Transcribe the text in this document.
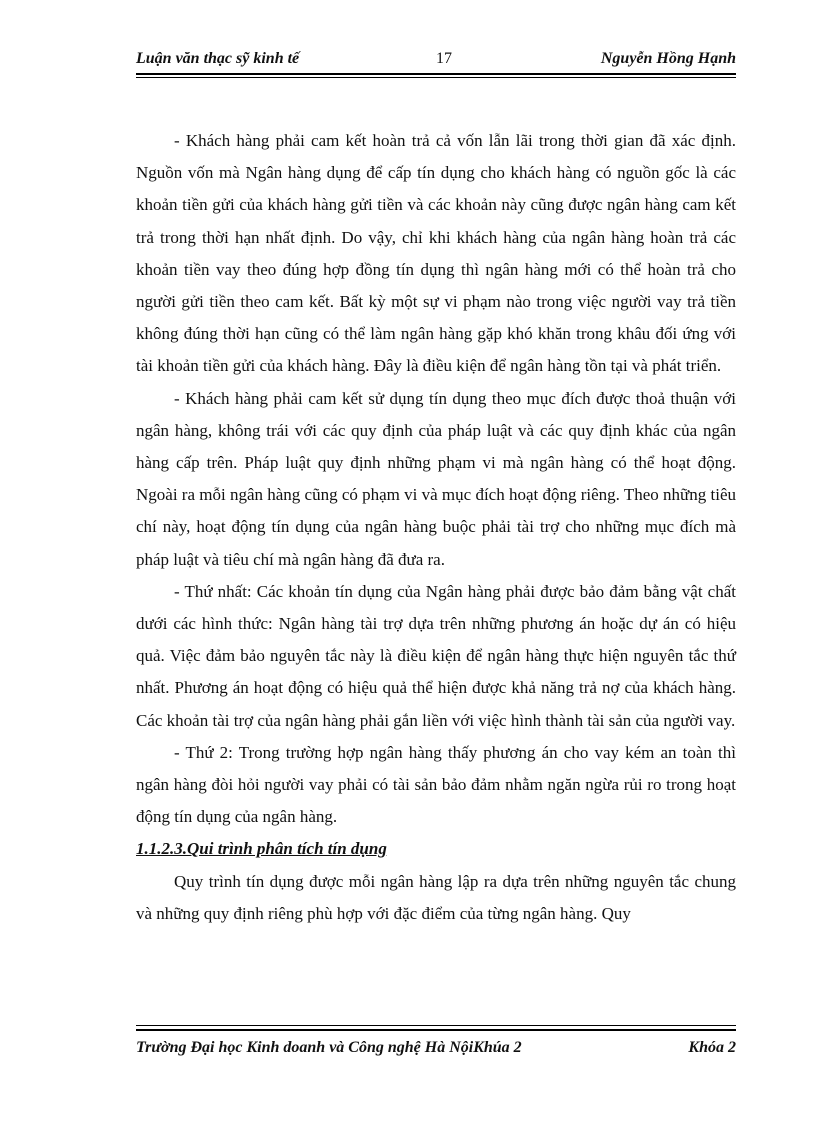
Luận văn thạc sỹ kinh tế	17	Nguyễn Hồng Hạnh

- Khách hàng phải cam kết hoàn trả cả vốn lẫn lãi trong thời gian đã xác định. Nguồn vốn mà Ngân hàng dụng để cấp tín dụng cho khách hàng có nguồn gốc là các khoản tiền gửi của khách hàng gửi tiền và các khoản này cũng được ngân hàng cam kết trả trong thời hạn nhất định. Do vậy, chỉ khi khách hàng của ngân hàng hoàn trả các khoản tiền vay theo đúng hợp đồng tín dụng thì ngân hàng mới có thể hoàn trả cho người gửi tiền theo cam kết. Bất kỳ một sự vi phạm nào trong việc người vay trả tiền không đúng thời hạn cũng có thể làm ngân hàng gặp khó khăn trong khâu đối ứng với tài khoản tiền gửi của khách hàng. Đây là điều kiện để ngân hàng tồn tại và phát triển.

- Khách hàng phải cam kết sử dụng tín dụng theo mục đích được thoả thuận với ngân hàng, không trái với các quy định của pháp luật và các quy định khác của ngân hàng cấp trên. Pháp luật quy định những phạm vi mà ngân hàng có thể hoạt động. Ngoài ra mỗi ngân hàng cũng có phạm vi và mục đích hoạt động riêng. Theo những tiêu chí này, hoạt động tín dụng của ngân hàng buộc phải tài trợ cho những mục đích mà pháp luật và tiêu chí mà ngân hàng đã đưa ra.

- Thứ nhất: Các khoản tín dụng của Ngân hàng phải được bảo đảm bằng vật chất dưới các hình thức: Ngân hàng tài trợ dựa trên những phương án hoặc dự án có hiệu quả. Việc đảm bảo nguyên tắc này là điều kiện để ngân hàng thực hiện nguyên tắc thứ nhất. Phương án hoạt động có hiệu quả thể hiện được khả năng trả nợ của khách hàng. Các khoản tài trợ của ngân hàng phải gắn liền với việc hình thành tài sản của người vay.

- Thứ 2: Trong trường hợp ngân hàng thấy phương án cho vay kém an toàn thì ngân hàng đòi hỏi người vay phải có tài sản bảo đảm nhằm ngăn ngừa rủi ro trong hoạt động tín dụng của ngân hàng.

1.1.2.3.Qui trình phân tích tín dụng

Quy trình tín dụng được mỗi ngân hàng lập ra dựa trên những nguyên tắc chung và những quy định riêng phù hợp với đặc điểm của từng ngân hàng. Quy

Trường Đại học Kinh doanh và Công nghệ Hà NộiKhúa 2	Khóa 2
